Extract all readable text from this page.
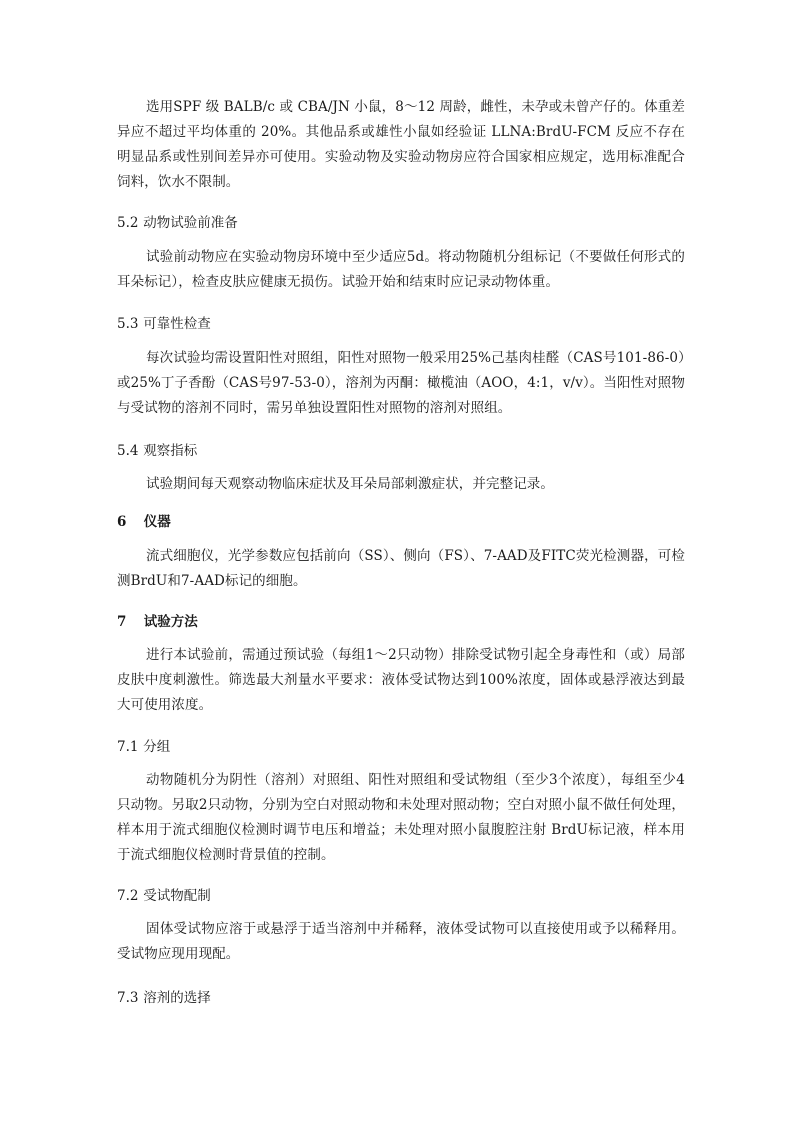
选用SPF 级 BALB/c 或 CBA/JN 小鼠，8～12 周龄，雌性，未孕或未曾产仔的。体重差异应不超过平均体重的 20%。其他品系或雄性小鼠如经验证 LLNA:BrdU-FCM 反应不存在明显品系或性别间差异亦可使用。实验动物及实验动物房应符合国家相应规定，选用标准配合饲料，饮水不限制。

5.2 动物试验前准备

试验前动物应在实验动物房环境中至少适应5d。将动物随机分组标记（不要做任何形式的耳朵标记），检查皮肤应健康无损伤。试验开始和结束时应记录动物体重。

5.3 可靠性检查

每次试验均需设置阳性对照组，阳性对照物一般采用25%己基肉桂醛（CAS号101-86-0）或25%丁子香酚（CAS号97-53-0），溶剂为丙酮：橄榄油（AOO，4:1，v/v）。当阳性对照物与受试物的溶剂不同时，需另单独设置阳性对照物的溶剂对照组。

5.4 观察指标

试验期间每天观察动物临床症状及耳朵局部刺激症状，并完整记录。

6 仪器

流式细胞仪，光学参数应包括前向（SS）、侧向（FS）、7-AAD及FITC荧光检测器，可检测BrdU和7-AAD标记的细胞。

7 试验方法

进行本试验前，需通过预试验（每组1～2只动物）排除受试物引起全身毒性和（或）局部皮肤中度刺激性。筛选最大剂量水平要求：液体受试物达到100%浓度，固体或悬浮液达到最大可使用浓度。

7.1 分组

动物随机分为阴性（溶剂）对照组、阳性对照组和受试物组（至少3个浓度），每组至少4只动物。另取2只动物，分别为空白对照动物和未处理对照动物；空白对照小鼠不做任何处理，样本用于流式细胞仪检测时调节电压和增益；未处理对照小鼠腹腔注射 BrdU标记液，样本用于流式细胞仪检测时背景值的控制。

7.2 受试物配制

固体受试物应溶于或悬浮于适当溶剂中并稀释，液体受试物可以直接使用或予以稀释用。受试物应现用现配。

7.3 溶剂的选择
